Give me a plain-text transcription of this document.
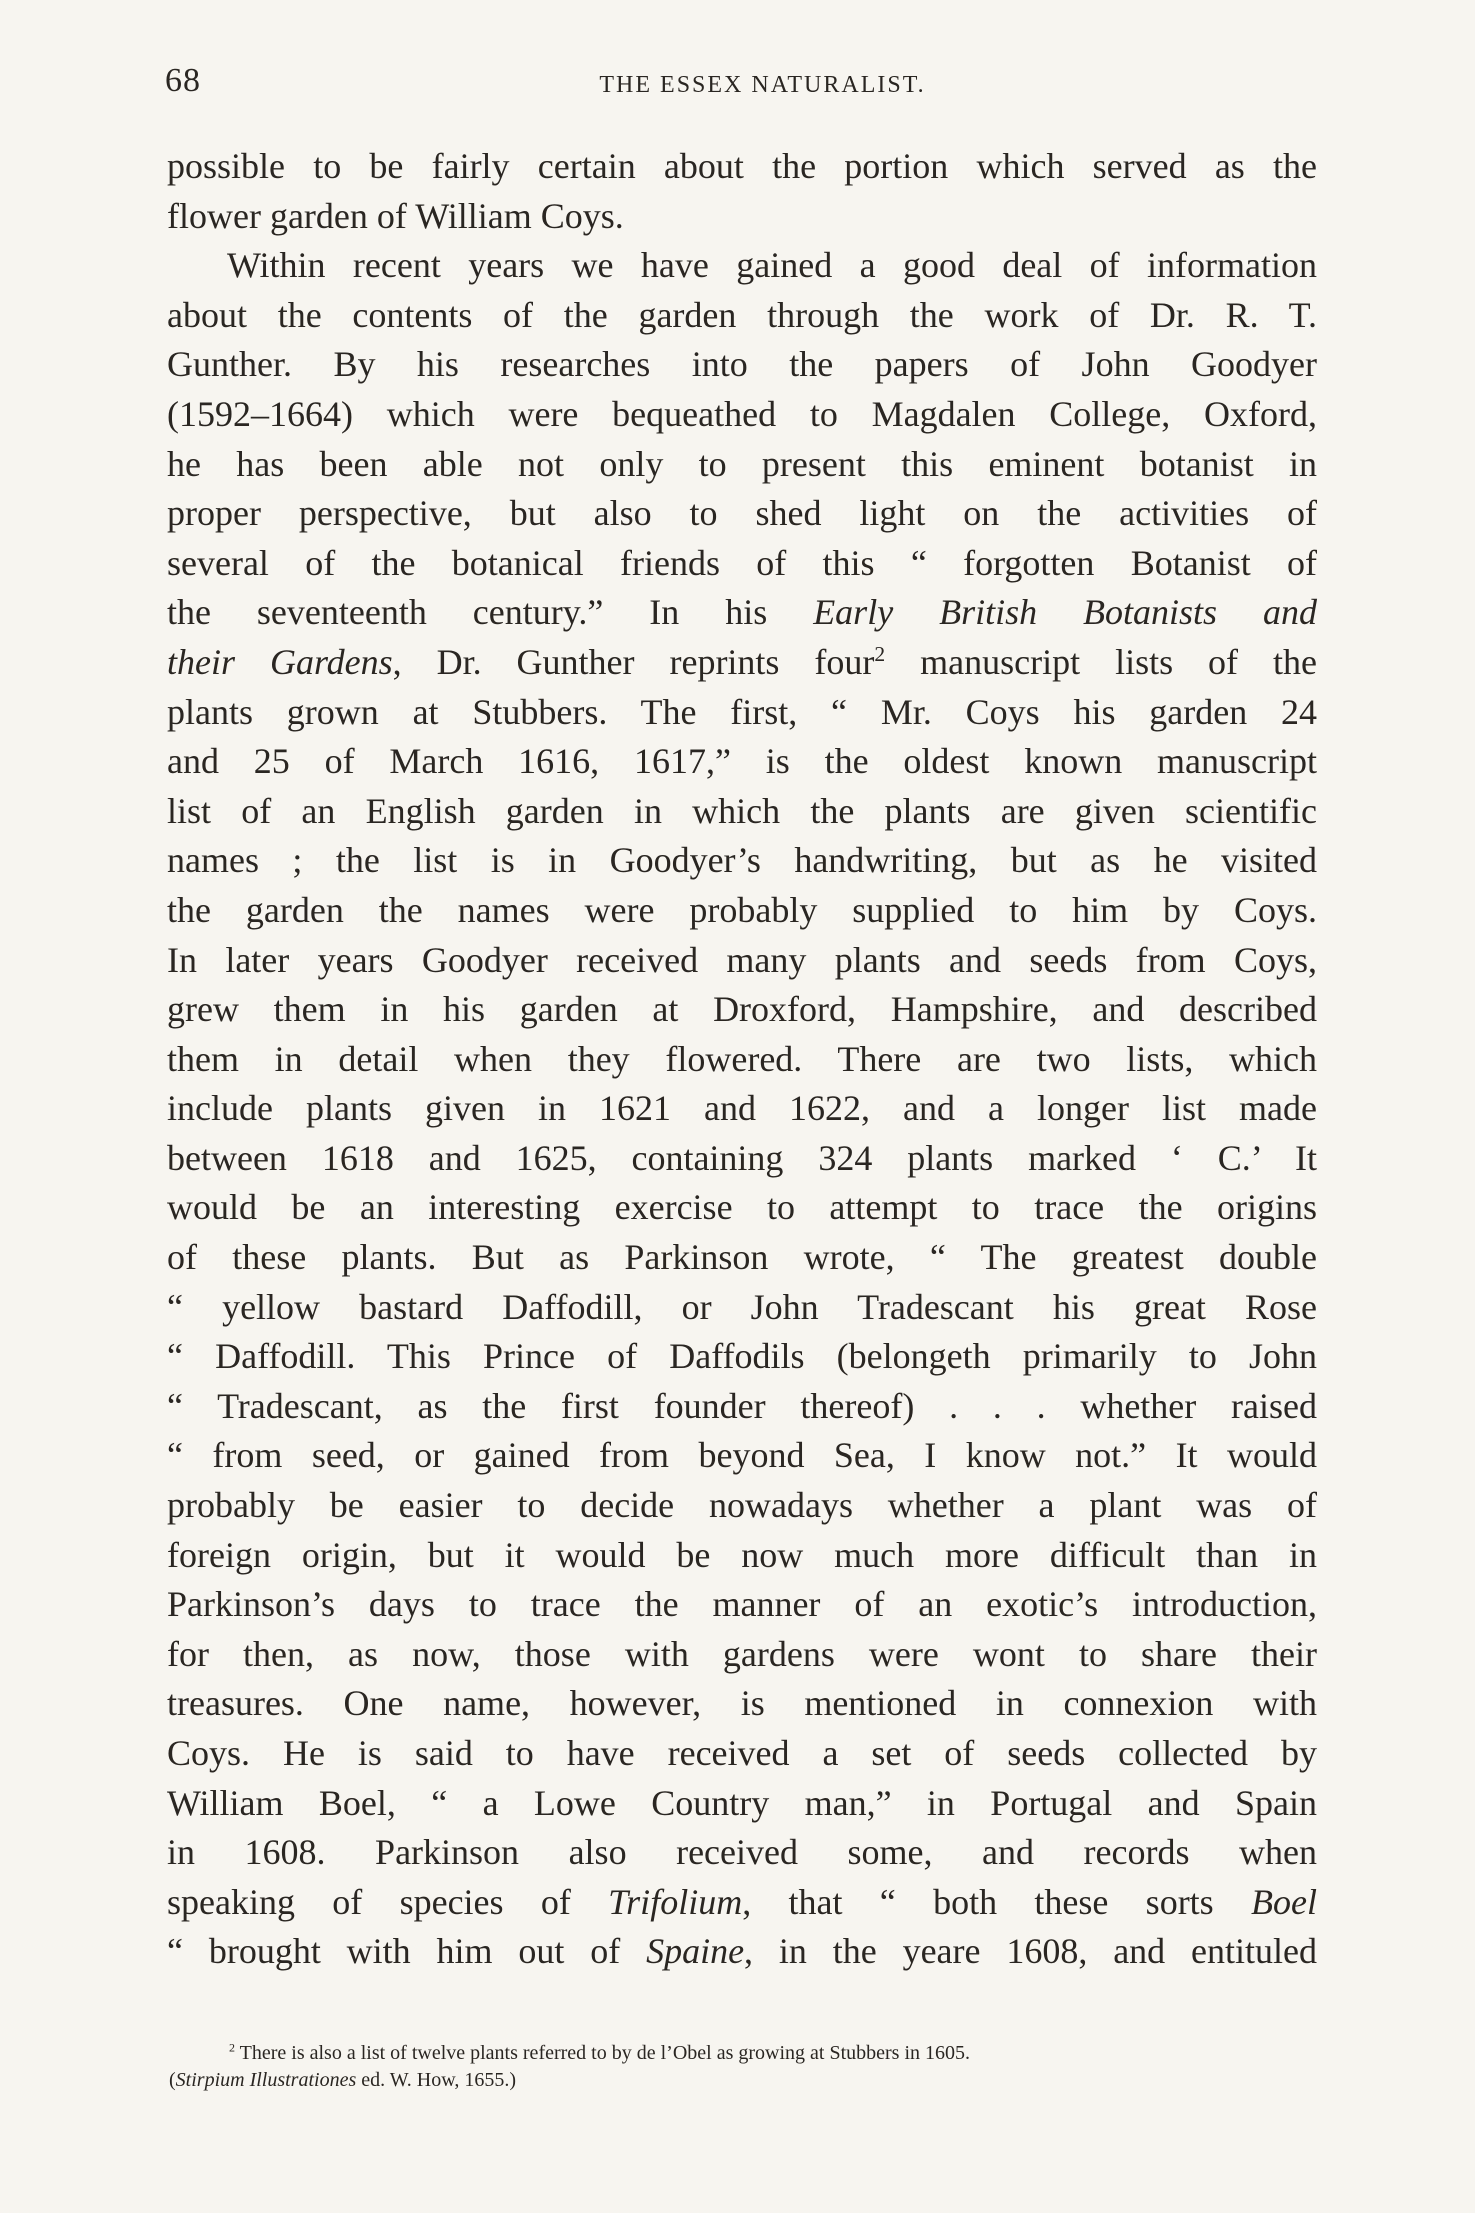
68	THE ESSEX NATURALIST.
possible to be fairly certain about the portion which served as the
flower garden of William Coys.
Within recent years we have gained a good deal of information
about the contents of the garden through the work of Dr. R. T.
Gunther. By his researches into the papers of John Goodyer
(1592–1664) which were bequeathed to Magdalen College, Oxford,
he has been able not only to present this eminent botanist in
proper perspective, but also to shed light on the activities of
several of the botanical friends of this “ forgotten Botanist of
the seventeenth century.” In his Early British Botanists and
their Gardens, Dr. Gunther reprints four$^2$ manuscript lists of the
plants grown at Stubbers. The first, “ Mr. Coys his garden 24
and 25 of March 1616, 1617,” is the oldest known manuscript
list of an English garden in which the plants are given scientific
names ; the list is in Goodyer’s handwriting, but as he visited
the garden the names were probably supplied to him by Coys.
In later years Goodyer received many plants and seeds from Coys,
grew them in his garden at Droxford, Hampshire, and described
them in detail when they flowered. There are two lists, which
include plants given in 1621 and 1622, and a longer list made
between 1618 and 1625, containing 324 plants marked ‘ C.’ It
would be an interesting exercise to attempt to trace the origins
of these plants. But as Parkinson wrote, “ The greatest double
“ yellow bastard Daffodill, or John Tradescant his great Rose
“ Daffodill. This Prince of Daffodils (belongeth primarily to John
“ Tradescant, as the first founder thereof) . . . whether raised
“ from seed, or gained from beyond Sea, I know not.” It would
probably be easier to decide nowadays whether a plant was of
foreign origin, but it would be now much more difficult than in
Parkinson’s days to trace the manner of an exotic’s introduction,
for then, as now, those with gardens were wont to share their
treasures. One name, however, is mentioned in connexion with
Coys. He is said to have received a set of seeds collected by
William Boel, “ a Lowe Country man,” in Portugal and Spain
in 1608. Parkinson also received some, and records when
speaking of species of Trifolium, that “ both these sorts Boel
“ brought with him out of Spaine, in the yeare 1608, and entituled
$^2$ There is also a list of twelve plants referred to by de l’Obel as growing at Stubbers in 1605.
(Stirpium Illustrationes ed. W. How, 1655.)
